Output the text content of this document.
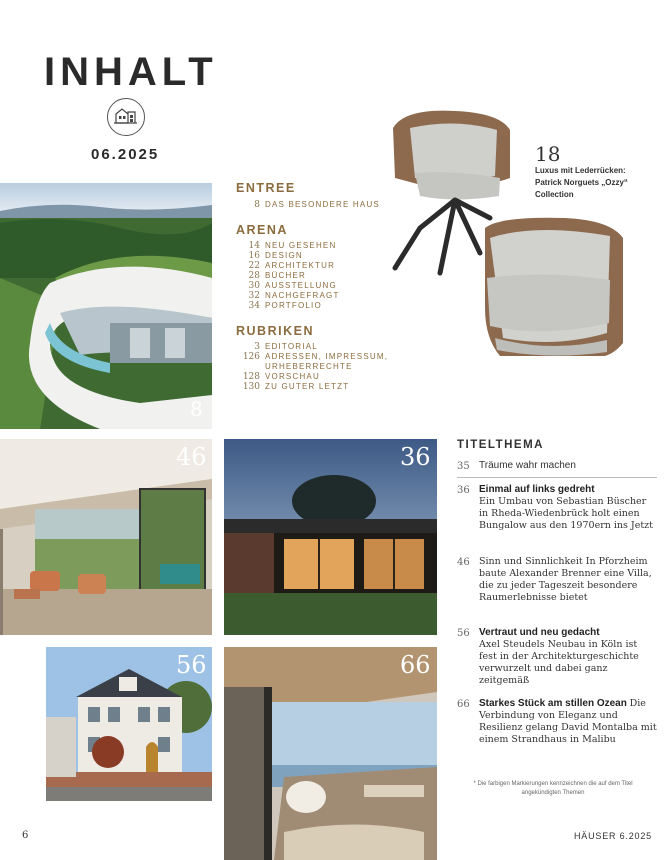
INHALT
06.2025
8
ENTREE
8 DAS BESONDERE HAUS
ARENA
14 NEU GESEHEN
16 DESIGN
22 ARCHITEKTUR
28 BÜCHER
30 AUSSTELLUNG
32 NACHGEFRAGT
34 PORTFOLIO
RUBRIKEN
3 EDITORIAL
126 ADRESSEN, IMPRESSUM,
URHEBERRECHTE
128 VORSCHAU
130 ZU GUTER LETZT
18
Luxus mit Lederrücken: Patrick Norguets „Ozzy“ Collection
46	36
56	66
TITELTHEMA
35 Träume wahr machen
36 Einmal auf links gedreht
Ein Umbau von Sebastian Büscher in Rheda-Wiedenbrück holt einen Bungalow aus den 1970ern ins Jetzt
46 Sinn und Sinnlichkeit In Pforzheim baute Alexander Brenner eine Villa, die zu jeder Tageszeit besondere Raumerlebnisse bietet
56 Vertraut und neu gedacht
Axel Steudels Neubau in Köln ist fest in der Architekturgeschichte verwurzelt und dabei ganz zeitgemäß
66 Starkes Stück am stillen Ozean Die Verbindung von Eleganz und Resilienz gelang David Montalba mit einem Strandhaus in Malibu
* Die farbigen Markierungen kennzeichnen die auf dem Titel angekündigten Themen
6	HÄUSER 6.2025
